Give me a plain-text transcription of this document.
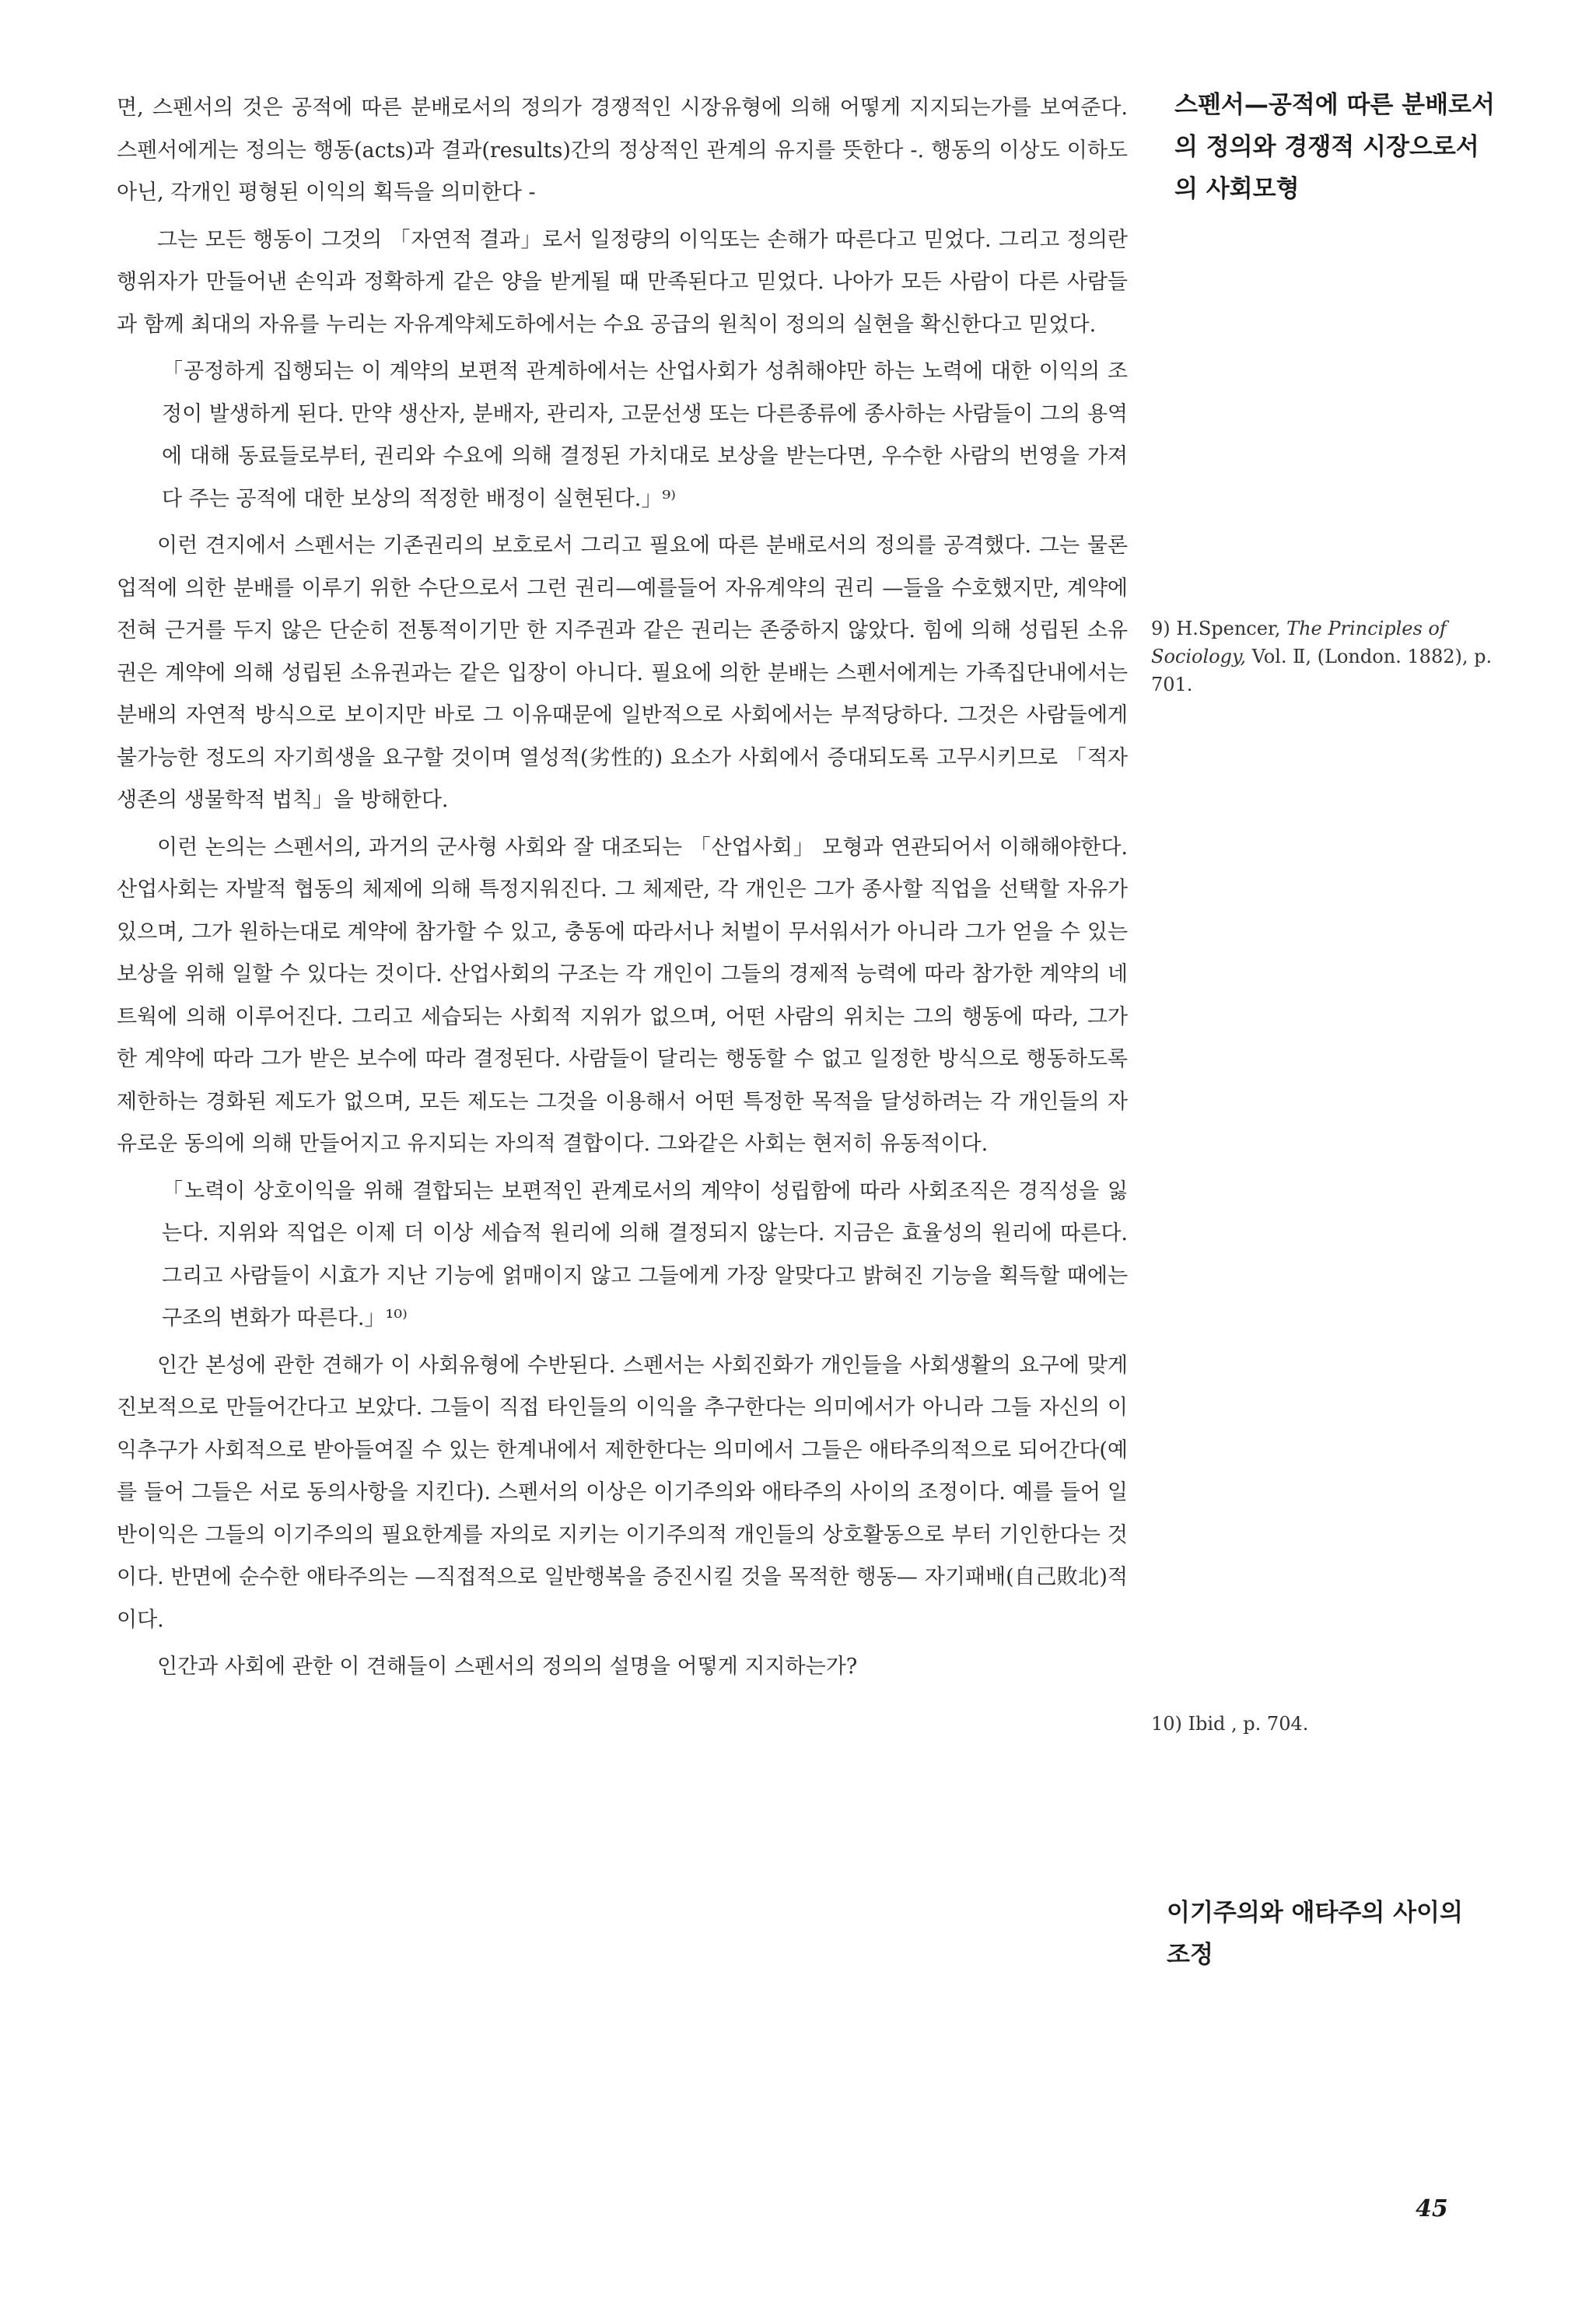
면, 스펜서의 것은 공적에 따른 분배로서의 정의가 경쟁적인 시장유형에 의해 어떻게 지지되는가를 보여준다. 스펜서에게는 정의는 행동(acts)과 결과(results)간의 정상적인 관계의 유지를 뜻한다 -. 행동의 이상도 이하도 아닌, 각개인 평형된 이익의 획득을 의미한다 -

그는 모든 행동이 그것의 「자연적 결과」로서 일정량의 이익또는 손해가 따른다고 믿었다. 그리고 정의란 행위자가 만들어낸 손익과 정확하게 같은 양을 받게될 때 만족된다고 믿었다. 나아가 모든 사람이 다른 사람들과 함께 최대의 자유를 누리는 자유계약체도하에서는 수요 공급의 원칙이 정의의 실현을 확신한다고 믿었다.

「공정하게 집행되는 이 계약의 보편적 관계하에서는 산업사회가 성취해야만 하는 노력에 대한 이익의 조정이 발생하게 된다. 만약 생산자, 분배자, 관리자, 고문선생 또는 다른종류에 종사하는 사람들이 그의 용역에 대해 동료들로부터, 권리와 수요에 의해 결정된 가치대로 보상을 받는다면, 우수한 사람의 번영을 가져다 주는 공적에 대한 보상의 적정한 배정이 실현된다.」⁹⁾

이런 견지에서 스펜서는 기존권리의 보호로서 그리고 필요에 따른 분배로서의 정의를 공격했다. 그는 물론 업적에 의한 분배를 이루기 위한 수단으로서 그런 권리—예를들어 자유계약의 권리 —들을 수호했지만, 계약에 전혀 근거를 두지 않은 단순히 전통적이기만 한 지주권과 같은 권리는 존중하지 않았다. 힘에 의해 성립된 소유권은 계약에 의해 성립된 소유권과는 같은 입장이 아니다. 필요에 의한 분배는 스펜서에게는 가족집단내에서는 분배의 자연적 방식으로 보이지만 바로 그 이유때문에 일반적으로 사회에서는 부적당하다. 그것은 사람들에게 불가능한 정도의 자기희생을 요구할 것이며 열성적(劣性的) 요소가 사회에서 증대되도록 고무시키므로 「적자생존의 생물학적 법칙」을 방해한다.

이런 논의는 스펜서의, 과거의 군사형 사회와 잘 대조되는 「산업사회」 모형과 연관되어서 이해해야한다. 산업사회는 자발적 협동의 체제에 의해 특정지워진다. 그 체제란, 각 개인은 그가 종사할 직업을 선택할 자유가 있으며, 그가 원하는대로 계약에 참가할 수 있고, 충동에 따라서나 처벌이 무서워서가 아니라 그가 얻을 수 있는 보상을 위해 일할 수 있다는 것이다. 산업사회의 구조는 각 개인이 그들의 경제적 능력에 따라 참가한 계약의 네트웍에 의해 이루어진다. 그리고 세습되는 사회적 지위가 없으며, 어떤 사람의 위치는 그의 행동에 따라, 그가 한 계약에 따라 그가 받은 보수에 따라 결정된다. 사람들이 달리는 행동할 수 없고 일정한 방식으로 행동하도록 제한하는 경화된 제도가 없으며, 모든 제도는 그것을 이용해서 어떤 특정한 목적을 달성하려는 각 개인들의 자유로운 동의에 의해 만들어지고 유지되는 자의적 결합이다. 그와같은 사회는 현저히 유동적이다.

「노력이 상호이익을 위해 결합되는 보편적인 관계로서의 계약이 성립함에 따라 사회조직은 경직성을 잃는다. 지위와 직업은 이제 더 이상 세습적 원리에 의해 결정되지 않는다. 지금은 효율성의 원리에 따른다. 그리고 사람들이 시효가 지난 기능에 얽매이지 않고 그들에게 가장 알맞다고 밝혀진 기능을 획득할 때에는 구조의 변화가 따른다.」¹⁰⁾

인간 본성에 관한 견해가 이 사회유형에 수반된다. 스펜서는 사회진화가 개인들을 사회생활의 요구에 맞게 진보적으로 만들어간다고 보았다. 그들이 직접 타인들의 이익을 추구한다는 의미에서가 아니라 그들 자신의 이익추구가 사회적으로 받아들여질 수 있는 한계내에서 제한한다는 의미에서 그들은 애타주의적으로 되어간다(예를 들어 그들은 서로 동의사항을 지킨다). 스펜서의 이상은 이기주의와 애타주의 사이의 조정이다. 예를 들어 일반이익은 그들의 이기주의의 필요한계를 자의로 지키는 이기주의적 개인들의 상호활동으로 부터 기인한다는 것이다. 반면에 순수한 애타주의는 —직접적으로 일반행복을 증진시킬 것을 목적한 행동— 자기패배(自己敗北)적이다.

인간과 사회에 관한 이 견해들이 스펜서의 정의의 설명을 어떻게 지지하는가?

스펜서—공적에 따른 분배로서의 정의와 경쟁적 시장으로서의 사회모형
9) H.Spencer, The Principles of Sociology, Vol. Ⅱ, (London. 1882), p. 701.
10) Ibid , p. 704.
이기주의와 애타주의 사이의 조정
45
